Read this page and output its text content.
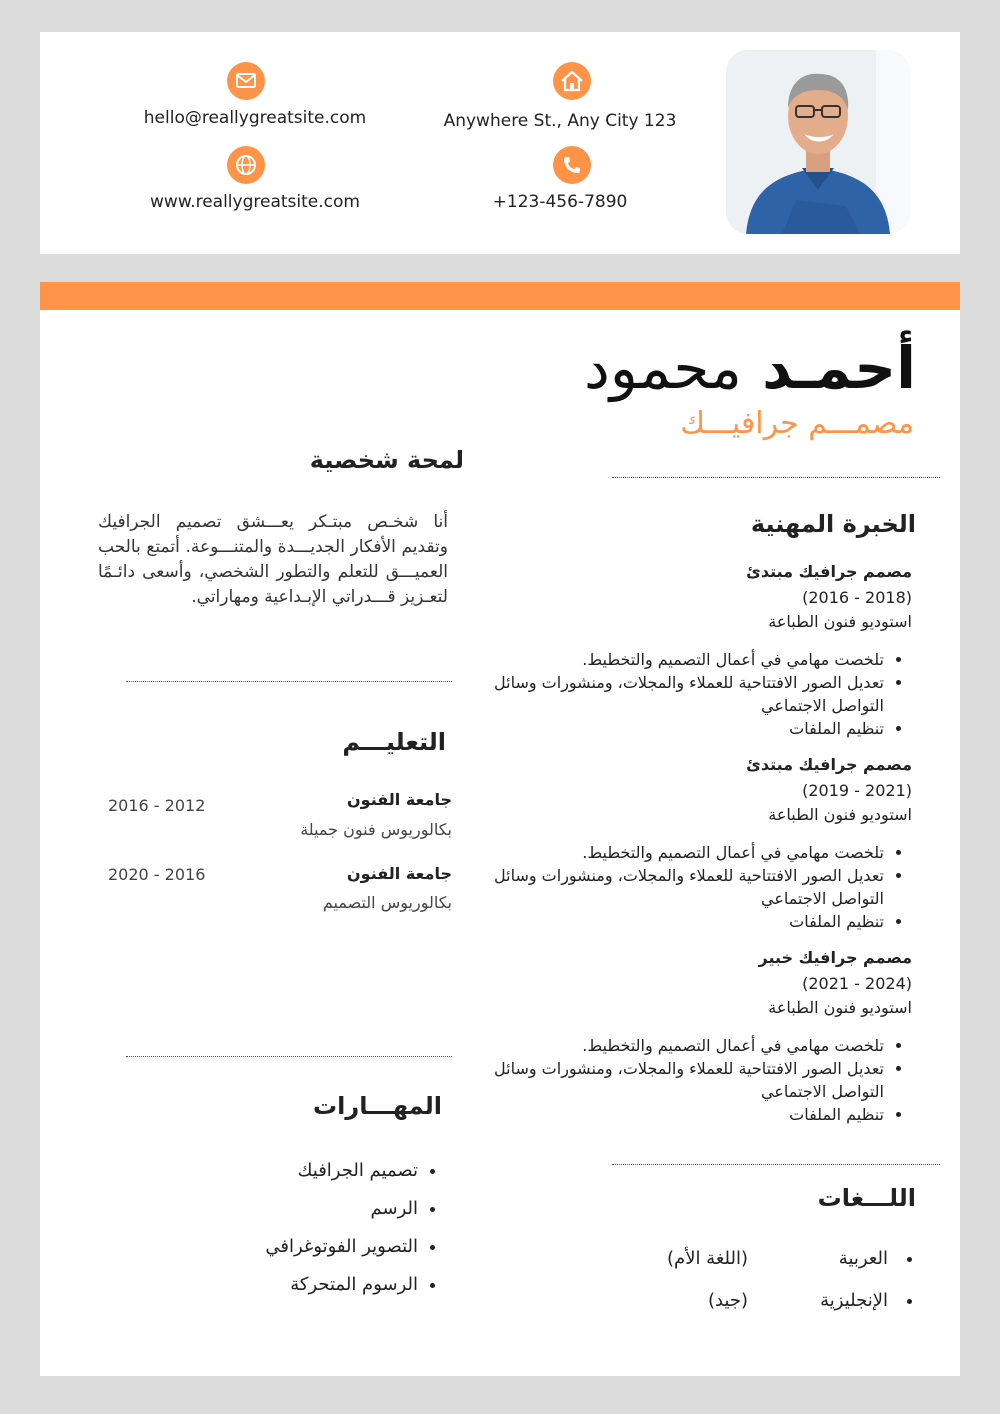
hello@reallygreatsite.com	Anywhere St., Any City 123
www.reallygreatsite.com	+123-456-7890
أحمـد محمود
مصمـــم جرافيـــك
لمحة شخصية
أنا شخـص مبتـكر يعـــشق تصميم الجرافيك وتقديم الأفكار الجديـــدة والمتنـــوعة. أتمتع بالحب العميـــق للتعلم والتطور الشخصي، وأسعى دائـمًا لتعـزيز قـــدراتي الإبـداعية ومهاراتي.
الخبرة المهنية
مصمم جرافيك مبتدئ
(2018 - 2016)
استوديو فنون الطباعة
• تلخصت مهامي في أعمال التصميم والتخطيط.
• تعديل الصور الافتتاحية للعملاء والمجلات، ومنشورات وسائل التواصل الاجتماعي
• تنظيم الملفات
مصمم جرافيك مبتدئ
(2021 - 2019)
استوديو فنون الطباعة
• تلخصت مهامي في أعمال التصميم والتخطيط.
• تعديل الصور الافتتاحية للعملاء والمجلات، ومنشورات وسائل التواصل الاجتماعي
• تنظيم الملفات
مصمم جرافيك خبير
(2024 - 2021)
استوديو فنون الطباعة
• تلخصت مهامي في أعمال التصميم والتخطيط.
• تعديل الصور الافتتاحية للعملاء والمجلات، ومنشورات وسائل التواصل الاجتماعي
• تنظيم الملفات
اللـــغات
العربية
(اللغة الأم)
الإنجليزية
(جيد)
التعليـــم
جامعة الفنون
بكالوريوس فنون جميلة
2016 - 2012
جامعة الفنون
بكالوريوس التصميم
2020 - 2016
المهـــارات
• تصميم الجرافيك
• الرسم
• التصوير الفوتوغرافي
• الرسوم المتحركة
